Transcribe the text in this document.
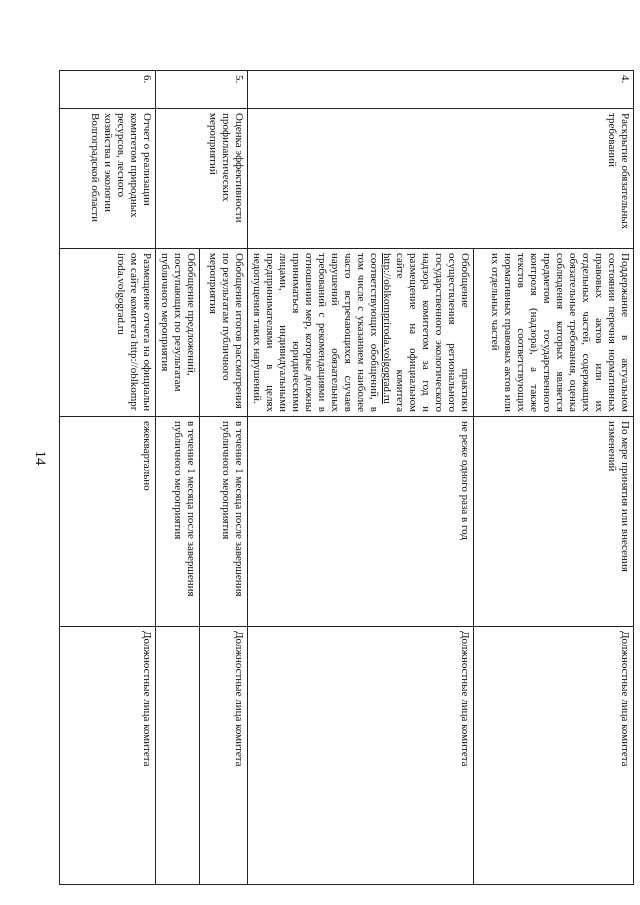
14
4.	Раскрытие обязательных требований	Поддержание в актуальном состоянии перечня нормативных правовых актов или их отдельных частей, содержащих обязательные требования, оценка соблюдения которых является предметом государственного контроля (надзора), а также текстов соответствующих нормативных правовых актов или их отдельных частей	По мере принятия или внесения изменений	Должностные лица комитета
		Обобщение практики осуществления регионального государственного экологического надзора комитетом за год и размещение на официальном сайте комитета http://oblkompriroda.volgograd.ru соответствующих обобщений, в том числе с указанием наиболее часто встречающихся случаев нарушений обязательных требований с рекомендациями в отношении мер, которые должны приниматься юридическими лицами, индивидуальными предпринимателями в целях недопущения таких нарушений.	не реже одного раза в год	Должностные лица комитета
5.	Оценка эффективности профилактических мероприятий	Обобщение итогов рассмотрения по результатам публичного мероприятия	в течение 1 месяца после завершения публичного мероприятия	Должностные лица комитета
		Обобщение предложений, поступающих по результатам публичного мероприятия	в течение 1 месяца после завершения публичного мероприятия	
6.	Отчет о реализации комитетом природных ресурсов, лесного хозяйства и экологии Волгоградской области	Размещение отчета на официальном сайте комитета http://oblkompriroda.volgograd.ru	ежеквартально	Должностные лица комитета
